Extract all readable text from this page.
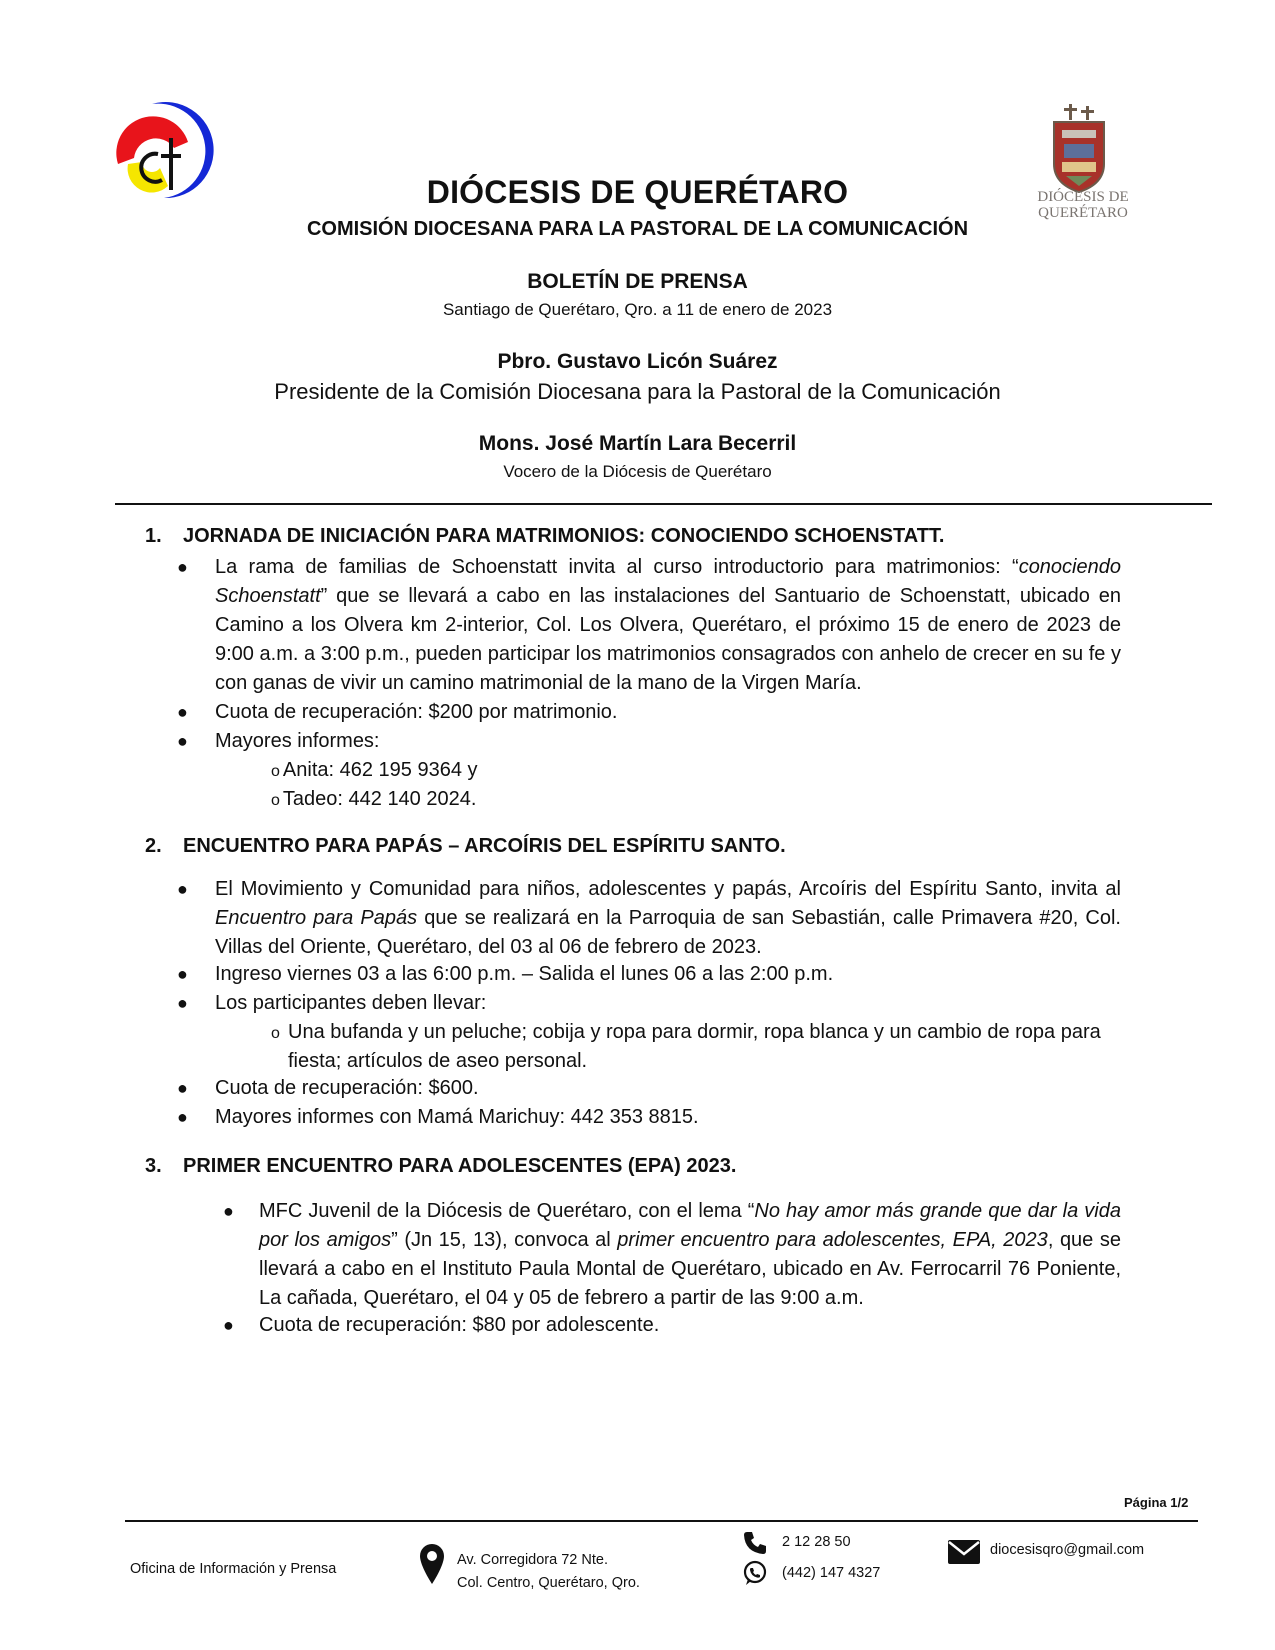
DIÓCESIS DE
QUERÉTARO
DIÓCESIS DE QUERÉTARO
COMISIÓN DIOCESANA PARA LA PASTORAL DE LA COMUNICACIÓN
BOLETÍN DE PRENSA
Santiago de Querétaro, Qro. a 11 de enero de 2023
Pbro. Gustavo Licón Suárez
Presidente de la Comisión Diocesana para la Pastoral de la Comunicación
Mons. José Martín Lara Becerril
Vocero de la Diócesis de Querétaro
1. JORNADA DE INICIACIÓN PARA MATRIMONIOS: CONOCIENDO SCHOENSTATT.
● La rama de familias de Schoenstatt invita al curso introductorio para matrimonios: “conociendo Schoenstatt” que se llevará a cabo en las instalaciones del Santuario de Schoenstatt, ubicado en Camino a los Olvera km 2-interior, Col. Los Olvera, Querétaro, el próximo 15 de enero de 2023 de 9:00 a.m. a 3:00 p.m., pueden participar los matrimonios consagrados con anhelo de crecer en su fe y con ganas de vivir un camino matrimonial de la mano de la Virgen María.
● Cuota de recuperación: $200 por matrimonio.
● Mayores informes:
o Anita: 462 195 9364 y
o Tadeo: 442 140 2024.
2. ENCUENTRO PARA PAPÁS – ARCOÍRIS DEL ESPÍRITU SANTO.
● El Movimiento y Comunidad para niños, adolescentes y papás, Arcoíris del Espíritu Santo, invita al Encuentro para Papás que se realizará en la Parroquia de san Sebastián, calle Primavera #20, Col. Villas del Oriente, Querétaro, del 03 al 06 de febrero de 2023.
● Ingreso viernes 03 a las 6:00 p.m. – Salida el lunes 06 a las 2:00 p.m.
● Los participantes deben llevar:
o Una bufanda y un peluche; cobija y ropa para dormir, ropa blanca y un cambio de ropa para fiesta; artículos de aseo personal.
● Cuota de recuperación: $600.
● Mayores informes con Mamá Marichuy: 442 353 8815.
3. PRIMER ENCUENTRO PARA ADOLESCENTES (EPA) 2023.
● MFC Juvenil de la Diócesis de Querétaro, con el lema “No hay amor más grande que dar la vida por los amigos” (Jn 15, 13), convoca al primer encuentro para adolescentes, EPA, 2023, que se llevará a cabo en el Instituto Paula Montal de Querétaro, ubicado en Av. Ferrocarril 76 Poniente, La cañada, Querétaro, el 04 y 05 de febrero a partir de las 9:00 a.m.
● Cuota de recuperación: $80 por adolescente.
Página 1/2
Oficina de Información y Prensa
Av. Corregidora 72 Nte.
Col. Centro, Querétaro, Qro.
2 12 28 50
(442) 147 4327
diocesisqro@gmail.com
